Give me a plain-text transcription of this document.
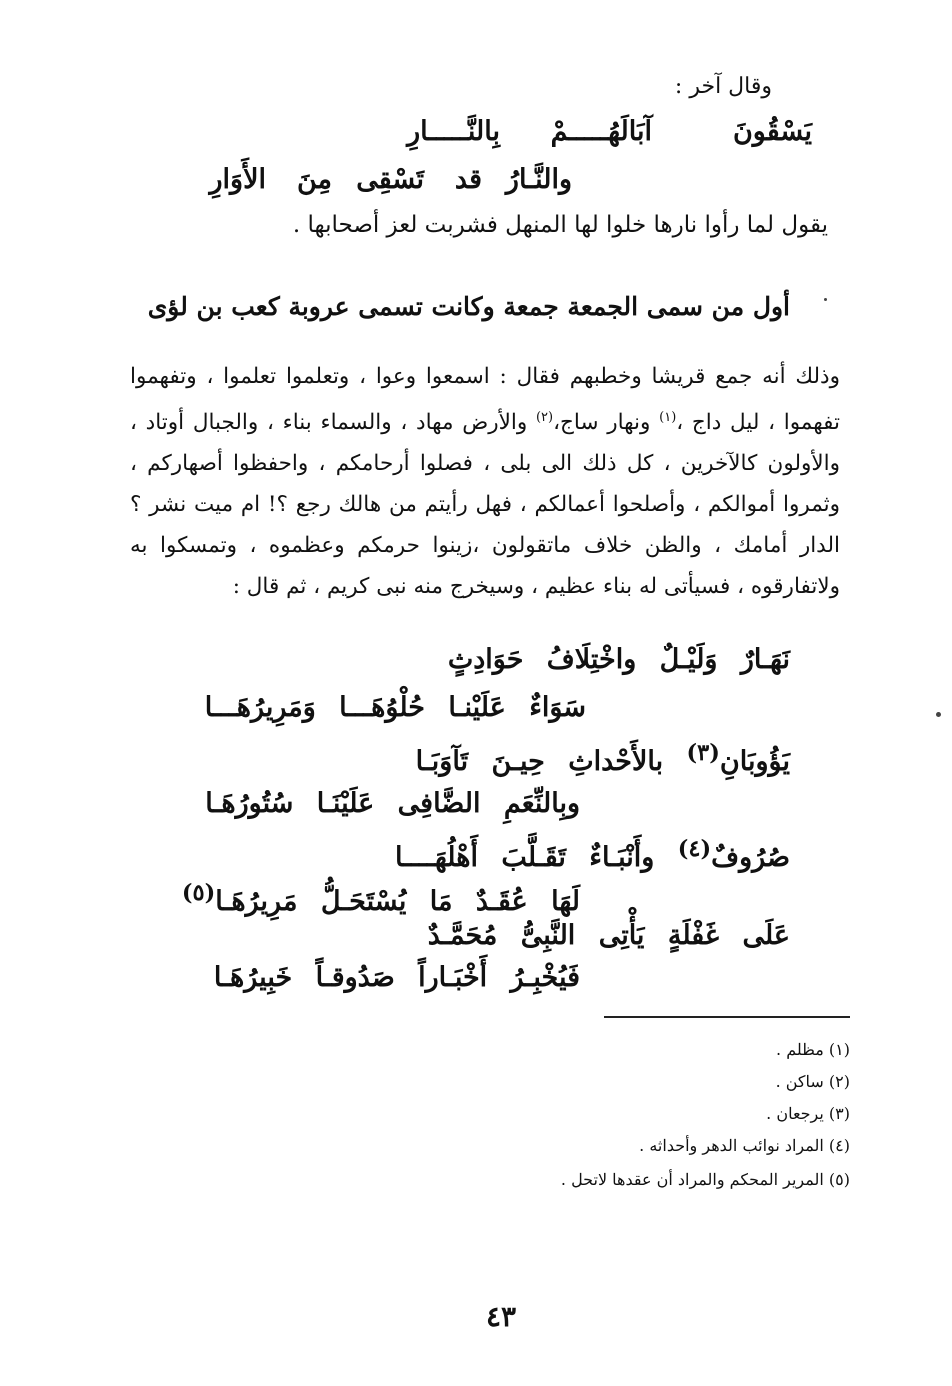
وقال آخر :
يَسْقُونَ
آبَالَهُـــــمْ
بِالنَّـــــارِ
والنَّـارُ
قد
تَسْقِى
مِنَ
الأَوَارِ
يقول لما رأوا نارها خلوا لها المنهل فشربت لعز أصحابها .
أول من سمى الجمعة جمعة وكانت تسمى عروبة كعب بن لؤى
وذلك أنه جمع قريشا وخطبهم فقال : اسمعوا وعوا ، وتعلموا تعلموا ، وتفهموا تفهموا ، ليل داج ،$^{(١)}$ ونهار ساج،$^{(٢)}$ والأرض مهاد ، والسماء بناء ، والجبال أوتاد ، والأولون كالآخرين ، كل ذلك الى بلى ، فصلوا أرحامكم ، واحفظوا أصهاركم ، وثمروا أموالكم ، وأصلحوا أعمالكم ، فهل رأيتم من هالك رجع ؟! ام ميت نشر ؟ الدار أمامك ، والظن خلاف ماتقولون ،زينوا حرمكم وعظموه ، وتمسكوا به ولاتفارقوه ، فسيأتى له بناء عظيم ، وسيخرج منه نبى كريم ، ثم قال :
نَهَـارٌ وَلَيْـلٌ واخْتِلَافُ حَوَادِثٍ
سَوَاءٌ عَلَيْنـا حُلْوُهَـــا وَمَرِيرُهَـــا
يَؤُوبَانِ$^{(٣)}$ بالأَحْداثِ حِيـنَ تَآوَبَـا
وبِالنِّعَمِ الضَّافِى عَلَيْنَـا سُتُورُهَـا
صُرُوفٌ$^{(٤)}$ وأَنْبَـاءٌ تَقَـلَّبَ أَهْلُهَــــا
لَهَا عُقَـدٌ مَا يُسْتَحَـلُّ مَرِيرُهَـا$^{(٥)}$
عَلَى غَفْلَةٍ يَأْتِى النَّبِىُّ مُحَمَّـدٌ
فَيُخْبِـرُ أَخْبَـاراً صَدُوقـاً خَبِيرُهَـا
(١) مظلم .
(٢) ساكن .
(٣) يرجعان .
(٤) المراد نوائب الدهر وأحداثه .
(٥) المرير المحكم والمراد أن عقدها لاتحل .
٤٣
